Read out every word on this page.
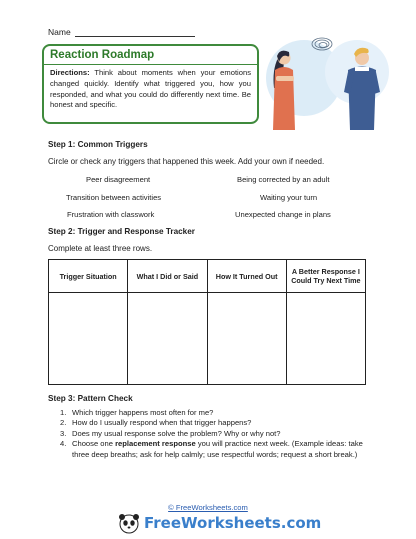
Name
Reaction Roadmap
Directions: Think about moments when your emotions changed quickly. Identify what triggered you, how you responded, and what you could do differently next time. Be honest and specific.
Step 1: Common Triggers
Circle or check any triggers that happened this week. Add your own if needed.
Peer disagreement	Being corrected by an adult
Transition between activities	Waiting your turn
Frustration with classwork	Unexpected change in plans
Step 2: Trigger and Response Tracker
Complete at least three rows.
Trigger Situation	What I Did or Said	How It Turned Out	A Better Response I Could Try Next Time

Step 3: Pattern Check
1. Which trigger happens most often for me?
2. How do I usually respond when that trigger happens?
3. Does my usual response solve the problem? Why or why not?
4. Choose one replacement response you will practice next week. (Example ideas: take three deep breaths; ask for help calmly; use respectful words; request a short break.)
© FreeWorksheets.com
FreeWorksheets.com
